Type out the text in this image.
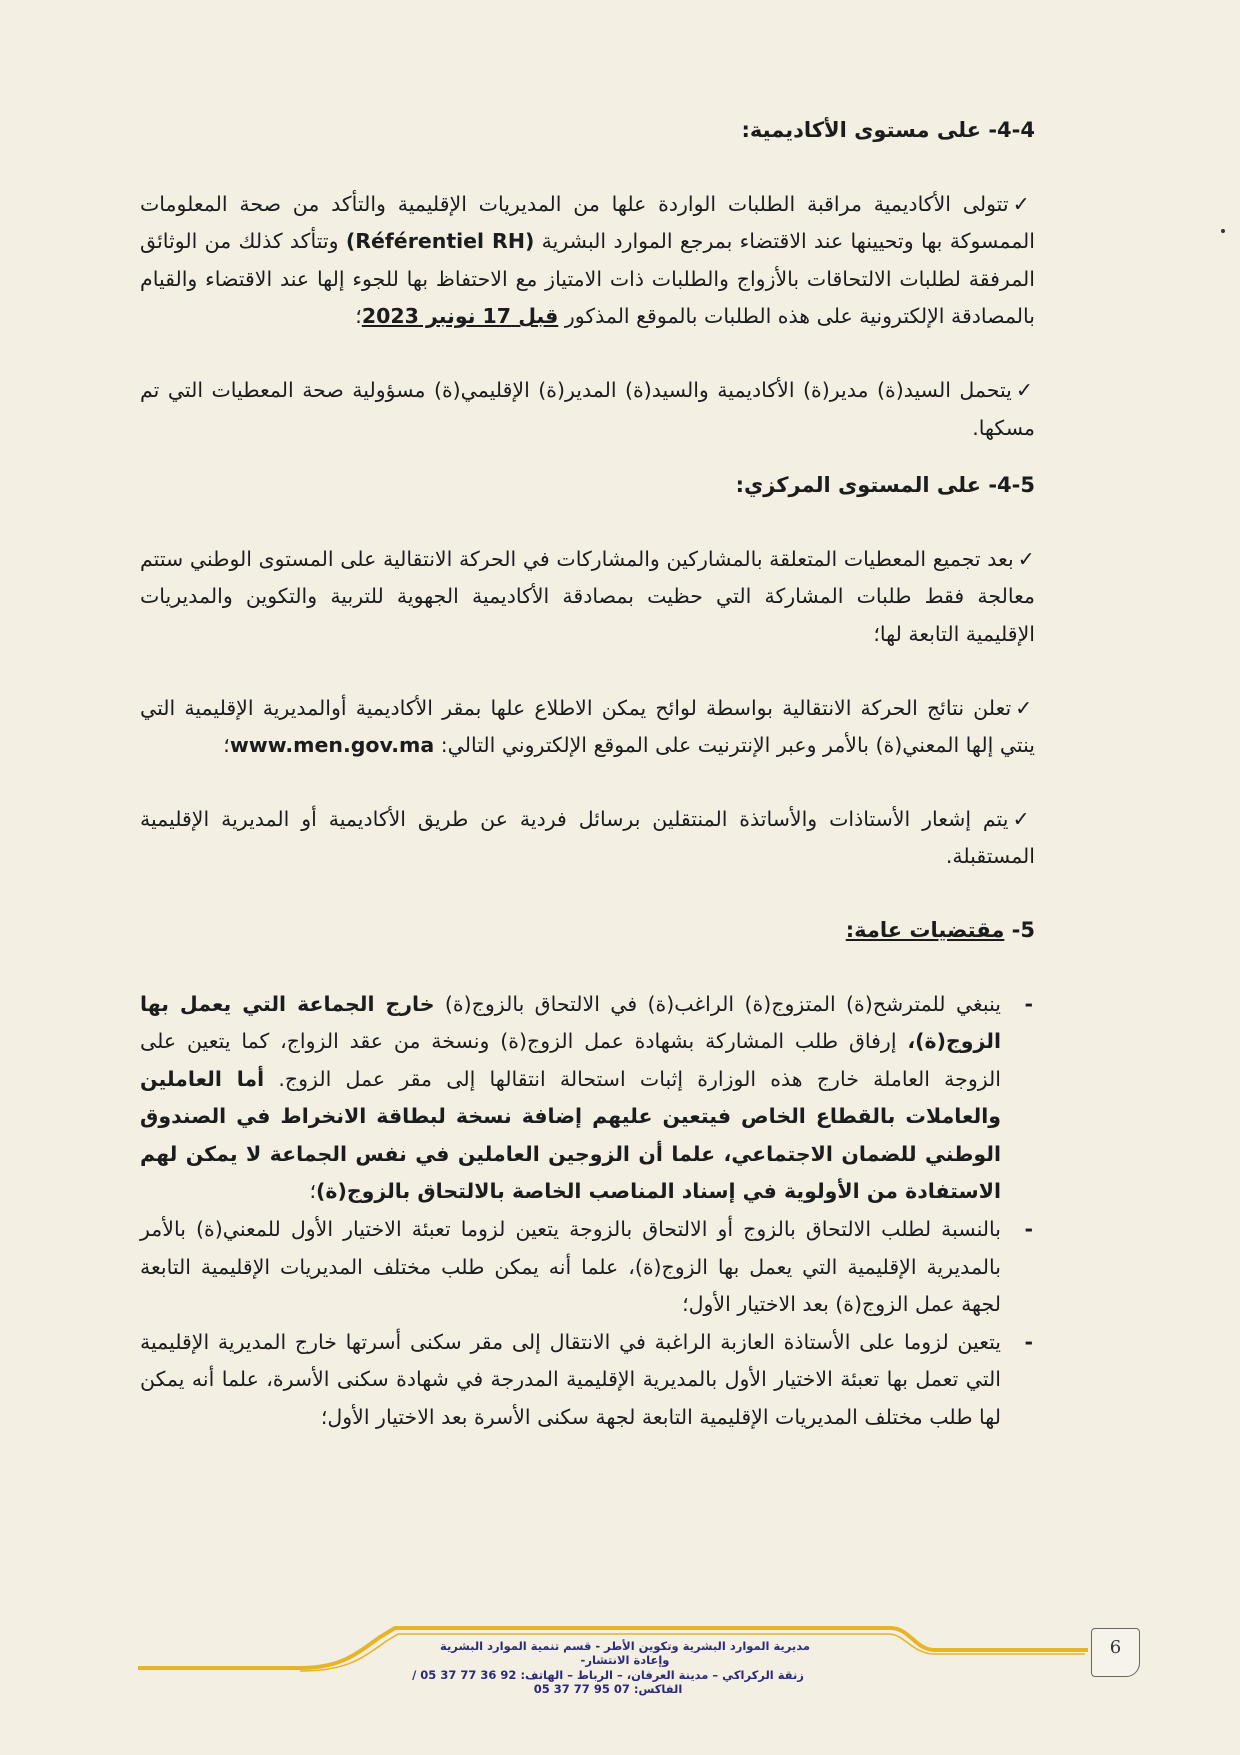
4-4- على مستوى الأكاديمية:

✓تتولى الأكاديمية مراقبة الطلبات الواردة علها من المديريات الإقليمية والتأكد من صحة المعلومات الممسوكة بها وتحيينها عند الاقتضاء بمرجع الموارد البشرية (Référentiel RH) وتتأكد كذلك من الوثائق المرفقة لطلبات الالتحاقات بالأزواج والطلبات ذات الامتياز مع الاحتفاظ بها للجوء إلها عند الاقتضاء والقيام بالمصادقة الإلكترونية على هذه الطلبات بالموقع المذكور قبل 17 نونبر 2023؛

✓يتحمل السيد(ة) مدير(ة) الأكاديمية والسيد(ة) المدير(ة) الإقليمي(ة) مسؤولية صحة المعطيات التي تم مسكها.

4-5- على المستوى المركزي:

✓بعد تجميع المعطيات المتعلقة بالمشاركين والمشاركات في الحركة الانتقالية على المستوى الوطني ستتم معالجة فقط طلبات المشاركة التي حظيت بمصادقة الأكاديمية الجهوية للتربية والتكوين والمديريات الإقليمية التابعة لها؛

✓تعلن نتائج الحركة الانتقالية بواسطة لوائح يمكن الاطلاع علها بمقر الأكاديمية أوالمديرية الإقليمية التي ينتي إلها المعني(ة) بالأمر وعبر الإنترنيت على الموقع الإلكتروني التالي: www.men.gov.ma؛

✓يتم إشعار الأستاذات والأساتذة المنتقلين برسائل فردية عن طريق الأكاديمية أو المديرية الإقليمية المستقبلة.

5- مقتضيات عامة:

-
ينبغي للمترشح(ة) المتزوج(ة) الراغب(ة) في الالتحاق بالزوج(ة) خارج الجماعة التي يعمل بها الزوج(ة)، إرفاق طلب المشاركة بشهادة عمل الزوج(ة) ونسخة من عقد الزواج، كما يتعين على الزوجة العاملة خارج هذه الوزارة إثبات استحالة انتقالها إلى مقر عمل الزوج. أما العاملين والعاملات بالقطاع الخاص فيتعين عليهم إضافة نسخة لبطاقة الانخراط في الصندوق الوطني للضمان الاجتماعي، علما أن الزوجين العاملين في نفس الجماعة لا يمكن لهم الاستفادة من الأولوية في إسناد المناصب الخاصة بالالتحاق بالزوج(ة)؛

-
بالنسبة لطلب الالتحاق بالزوج أو الالتحاق بالزوجة يتعين لزوما تعبئة الاختيار الأول للمعني(ة) بالأمر بالمديرية الإقليمية التي يعمل بها الزوج(ة)، علما أنه يمكن طلب مختلف المديريات الإقليمية التابعة لجهة عمل الزوج(ة) بعد الاختيار الأول؛

-
يتعين لزوما على الأستاذة العازبة الراغبة في الانتقال إلى مقر سكنى أسرتها خارج المديرية الإقليمية التي تعمل بها تعبئة الاختيار الأول بالمديرية الإقليمية المدرجة في شهادة سكنى الأسرة، علما أنه يمكن لها طلب مختلف المديريات الإقليمية التابعة لجهة سكنى الأسرة بعد الاختيار الأول؛

مديرية الموارد البشرية وتكوين الأطر - قسم تنمية الموارد البشرية وإعادة الانتشار-
زنقة الركراكي – مدينة العرفان، – الرباط – الهاتف: 92 36 77 37 05 /الفاكس: 07 95 77 37 05
6
